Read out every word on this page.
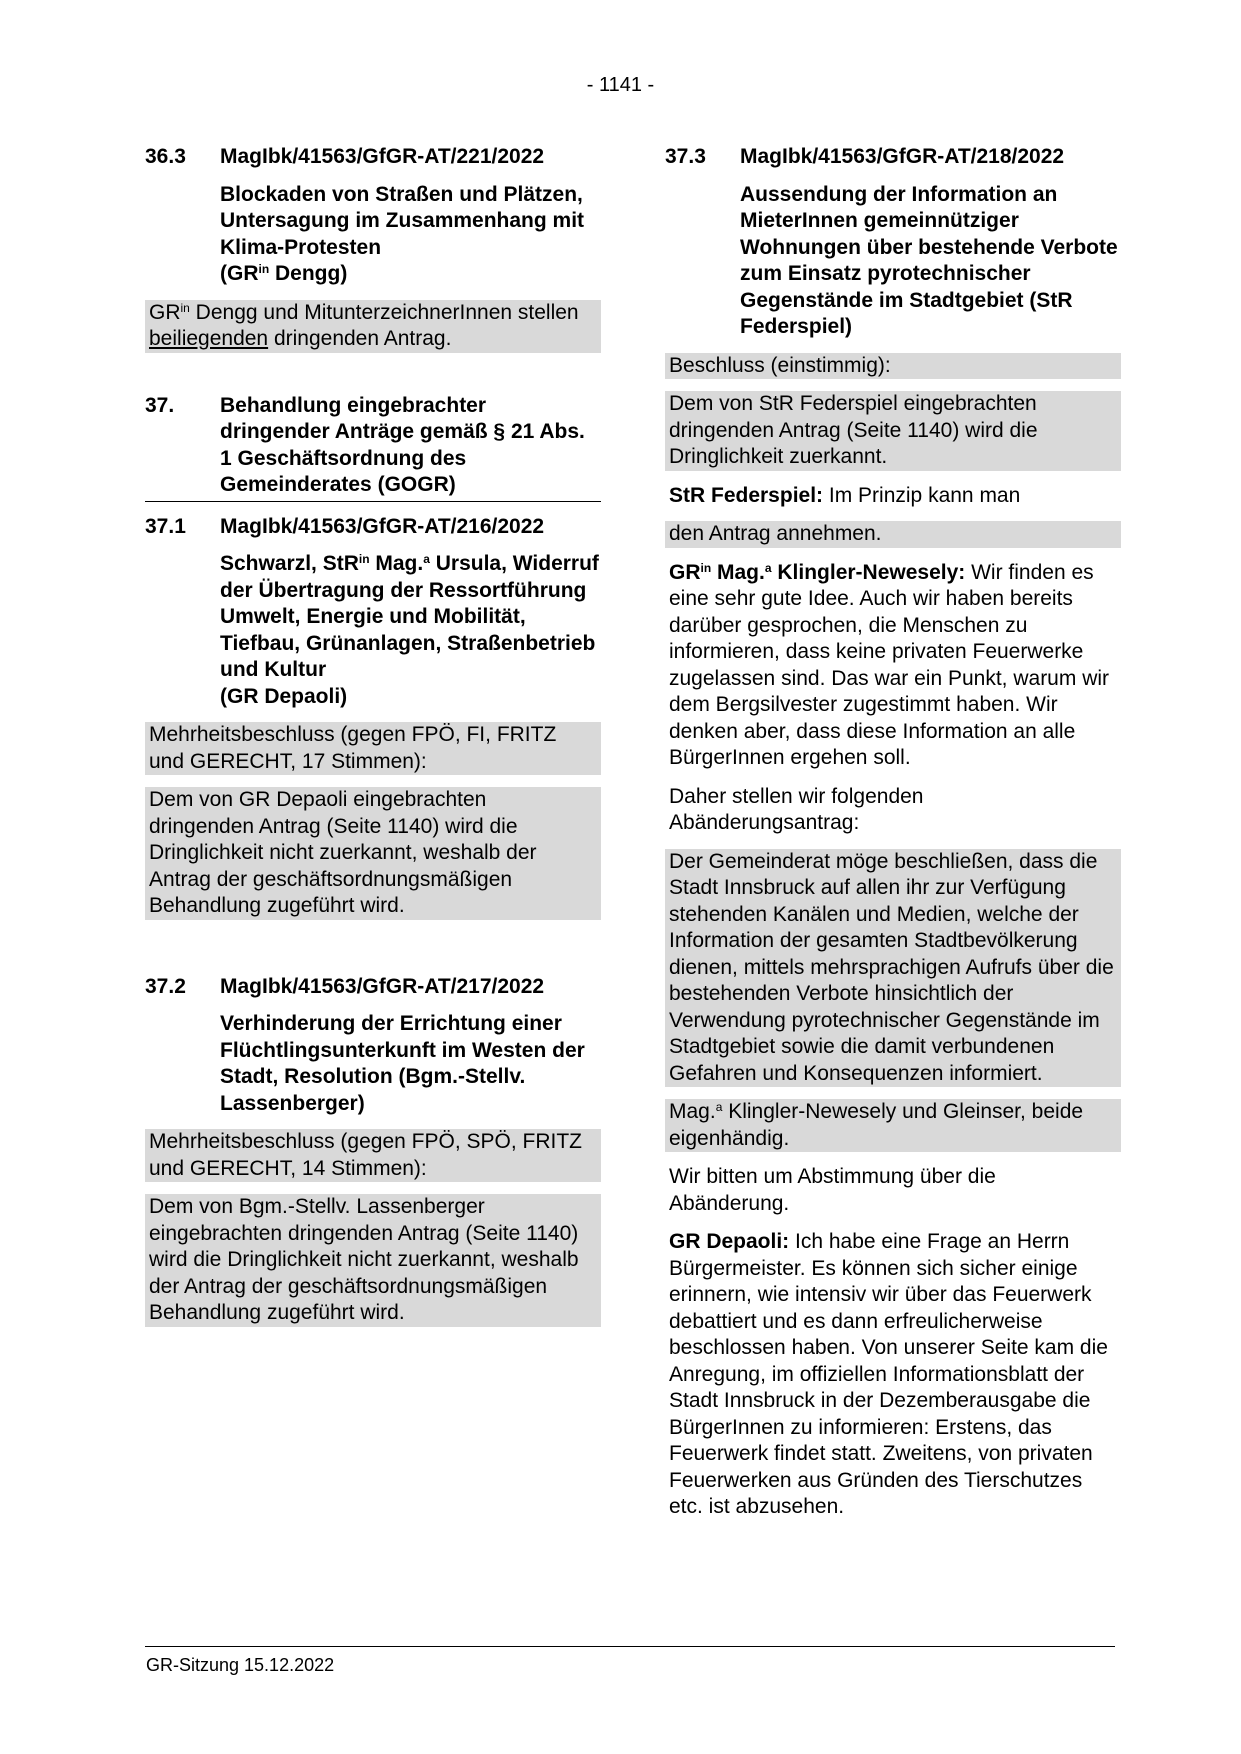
- 1141 -
36.3	MagIbk/41563/GfGR-AT/221/2022
Blockaden von Straßen und Plätzen, Untersagung im Zusammenhang mit Klima-Protesten
($GR^{in}$ Dengg)
$GR^{in}$ Dengg und MitunterzeichnerInnen stellen beiliegenden dringenden Antrag.
37.	Behandlung eingebrachter dringender Anträge gemäß § 21 Abs. 1 Geschäftsordnung des Gemeinderates (GOGR)
37.1	MagIbk/41563/GfGR-AT/216/2022
Schwarzl, StR$^{in}$ Mag.$^a$ Ursula, Widerruf der Übertragung der Ressortführung Umwelt, Energie und Mobilität, Tiefbau, Grünanlagen, Straßenbetrieb und Kultur
(GR Depaoli)
Mehrheitsbeschluss (gegen FPÖ, FI, FRITZ und GERECHT, 17 Stimmen):
Dem von GR Depaoli eingebrachten dringenden Antrag (Seite 1140) wird die Dringlichkeit nicht zuerkannt, weshalb der Antrag der geschäftsordnungsmäßigen Behandlung zugeführt wird.
37.2	MagIbk/41563/GfGR-AT/217/2022
Verhinderung der Errichtung einer Flüchtlingsunterkunft im Westen der Stadt, Resolution (Bgm.-Stellv. Lassenberger)
Mehrheitsbeschluss (gegen FPÖ, SPÖ, FRITZ und GERECHT, 14 Stimmen):
Dem von Bgm.-Stellv. Lassenberger eingebrachten dringenden Antrag (Seite 1140) wird die Dringlichkeit nicht zuerkannt, weshalb der Antrag der geschäftsordnungsmäßigen Behandlung zugeführt wird.
37.3	MagIbk/41563/GfGR-AT/218/2022
Aussendung der Information an MieterInnen gemeinnütziger Wohnungen über bestehende Verbote zum Einsatz pyrotechnischer Gegenstände im Stadtgebiet (StR Federspiel)
Beschluss (einstimmig):
Dem von StR Federspiel eingebrachten dringenden Antrag (Seite 1140) wird die Dringlichkeit zuerkannt.
StR Federspiel: Im Prinzip kann man
den Antrag annehmen.
$GR^{in}$ Mag.$^a$ Klingler-Newesely: Wir finden es eine sehr gute Idee. Auch wir haben bereits darüber gesprochen, die Menschen zu informieren, dass keine privaten Feuerwerke zugelassen sind. Das war ein Punkt, warum wir dem Bergsilvester zugestimmt haben. Wir denken aber, dass diese Information an alle BürgerInnen ergehen soll.
Daher stellen wir folgenden Abänderungsantrag:
Der Gemeinderat möge beschließen, dass die Stadt Innsbruck auf allen ihr zur Verfügung stehenden Kanälen und Medien, welche der Information der gesamten Stadtbevölkerung dienen, mittels mehrsprachigen Aufrufs über die bestehenden Verbote hinsichtlich der Verwendung pyrotechnischer Gegenstände im Stadtgebiet sowie die damit verbundenen Gefahren und Konsequenzen informiert.
Mag.$^a$ Klingler-Newesely und Gleinser, beide eigenhändig.
Wir bitten um Abstimmung über die Abänderung.
GR Depaoli: Ich habe eine Frage an Herrn Bürgermeister. Es können sich sicher einige erinnern, wie intensiv wir über das Feuerwerk debattiert und es dann erfreulicherweise beschlossen haben. Von unserer Seite kam die Anregung, im offiziellen Informationsblatt der Stadt Innsbruck in der Dezemberausgabe die BürgerInnen zu informieren: Erstens, das Feuerwerk findet statt. Zweitens, von privaten Feuerwerken aus Gründen des Tierschutzes etc. ist abzusehen.
GR-Sitzung 15.12.2022
